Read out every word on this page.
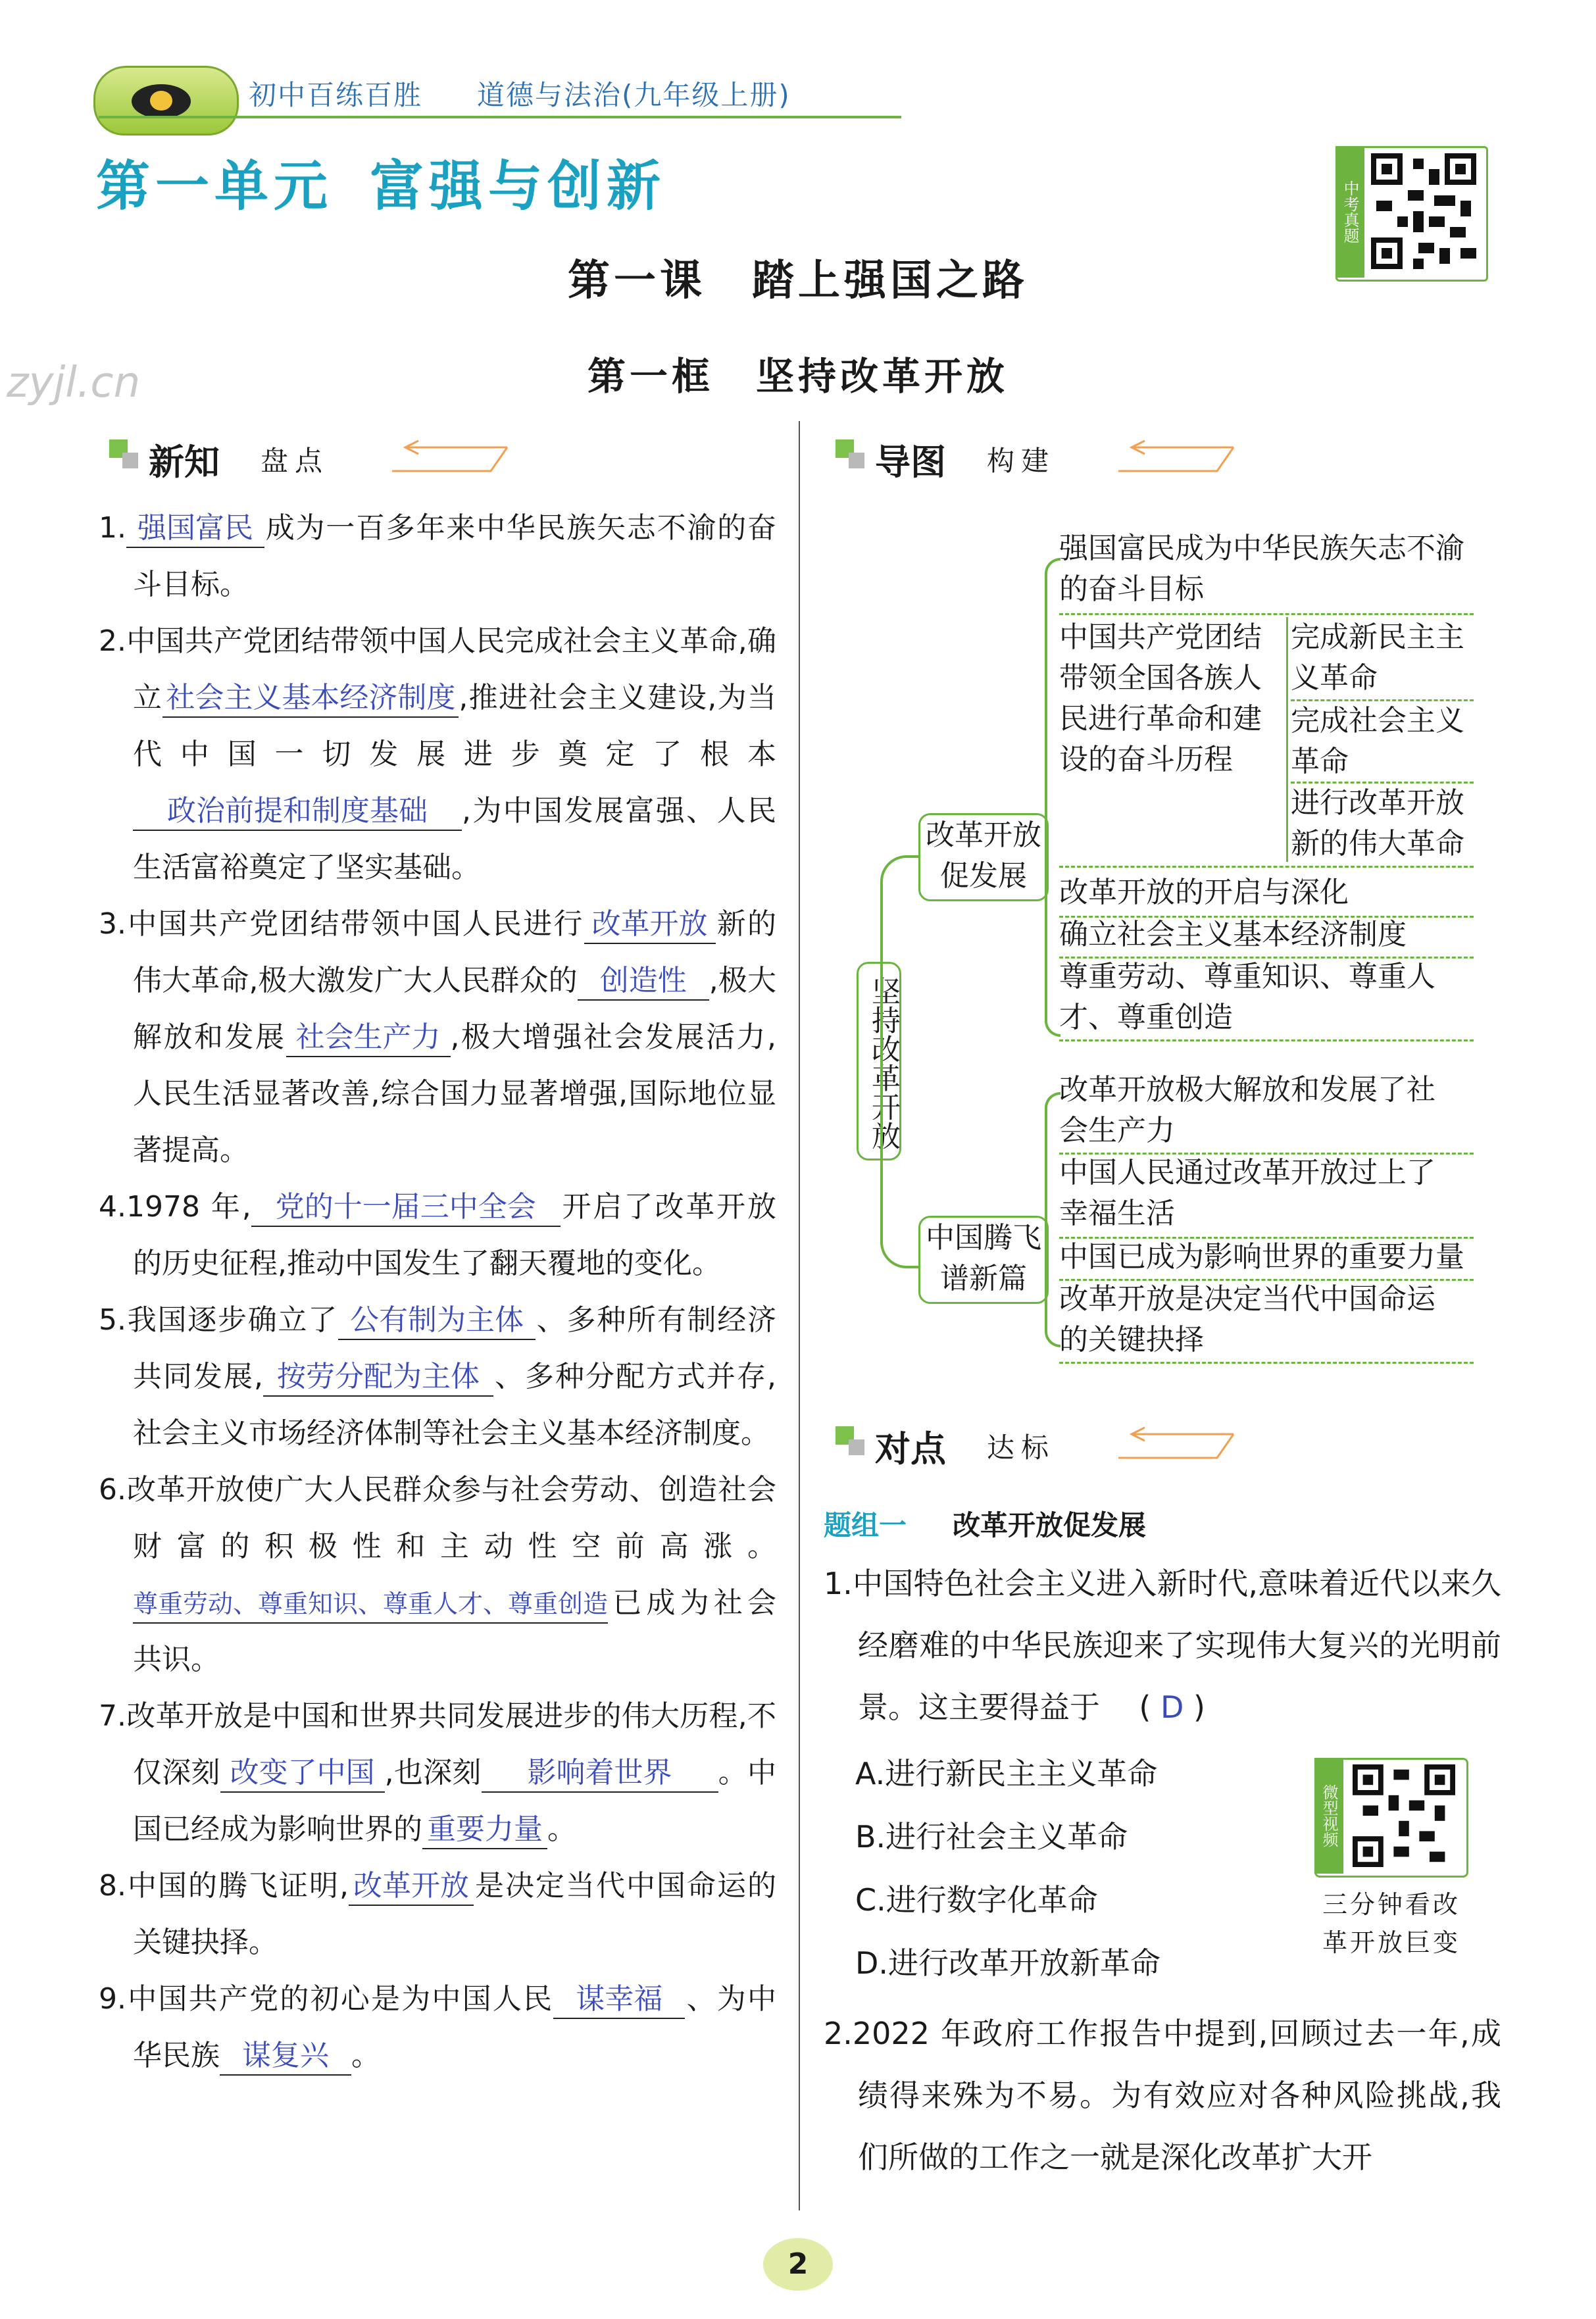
初中百练百胜 道德与法治(九年级上册)
第一单元 富强与创新	中考真题
zyjl.cn
第一课　踏上强国之路
第一框　坚持改革开放
新知 盘点

1. 强国富民 成为一百多年来中华民族矢志不渝的奋斗目标。

2.中国共产党团结带领中国人民完成社会主义革命,确立 社会主义基本经济制度 ,推进社会主义建设,为当代中国一切发展进步奠定了根本政治前提和制度基础 ,为中国发展富强、人民生活富裕奠定了坚实基础。

3.中国共产党团结带领中国人民进行 改革开放 新的伟大革命,极大激发广大人民群众的 创造性 ,极大解放和发展 社会生产力 ,极大增强社会发展活力,人民生活显著改善,综合国力显著增强,国际地位显著提高。

4.1978 年, 党的十一届三中全会 开启了改革开放的历史征程,推动中国发生了翻天覆地的变化。

5.我国逐步确立了 公有制为主体 、多种所有制经济共同发展, 按劳分配为主体 、多种分配方式并存,社会主义市场经济体制等社会主义基本经济制度。

6.改革开放使广大人民群众参与社会劳动、创造社会财富的积极性和主动性空前高涨。尊重劳动、尊重知识、尊重人才、尊重创造已成为社会共识。

7.改革开放是中国和世界共同发展进步的伟大历程,不仅深刻 改变了中国 ,也深刻 影响着世界 。中国已经成为影响世界的 重要力量 。

8.中国的腾飞证明, 改革开放 是决定当代中国命运的关键抉择。

9.中国共产党的初心是为中国人民 谋幸福 、为中华民族 谋复兴 。

导图 构建
坚持改革开放
改革开放促发展
中国腾飞谱新篇
强国富民成为中华民族矢志不渝的奋斗目标
中国共产党团结带领全国各族人民进行革命和建设的奋斗历程
完成新民主主义革命
完成社会主义革命
进行改革开放新的伟大革命
改革开放的开启与深化
确立社会主义基本经济制度
尊重劳动、尊重知识、尊重人才、尊重创造
改革开放极大解放和发展了社会生产力
中国人民通过改革开放过上了幸福生活
中国已成为影响世界的重要力量
改革开放是决定当代中国命运的关键抉择
对点 达标
题组一 改革开放促发展

1.中国特色社会主义进入新时代,意味着近代以来久经磨难的中华民族迎来了实现伟大复兴的光明前景。这主要得益于 ( D )

A.进行新民主主义革命
B.进行社会主义革命
C.进行数字化革命
D.进行改革开放新革命
微型视频
三分钟看改革开放巨变

2.2022 年政府工作报告中提到,回顾过去一年,成绩得来殊为不易。为有效应对各种风险挑战,我们所做的工作之一就是深化改革扩大开

2
